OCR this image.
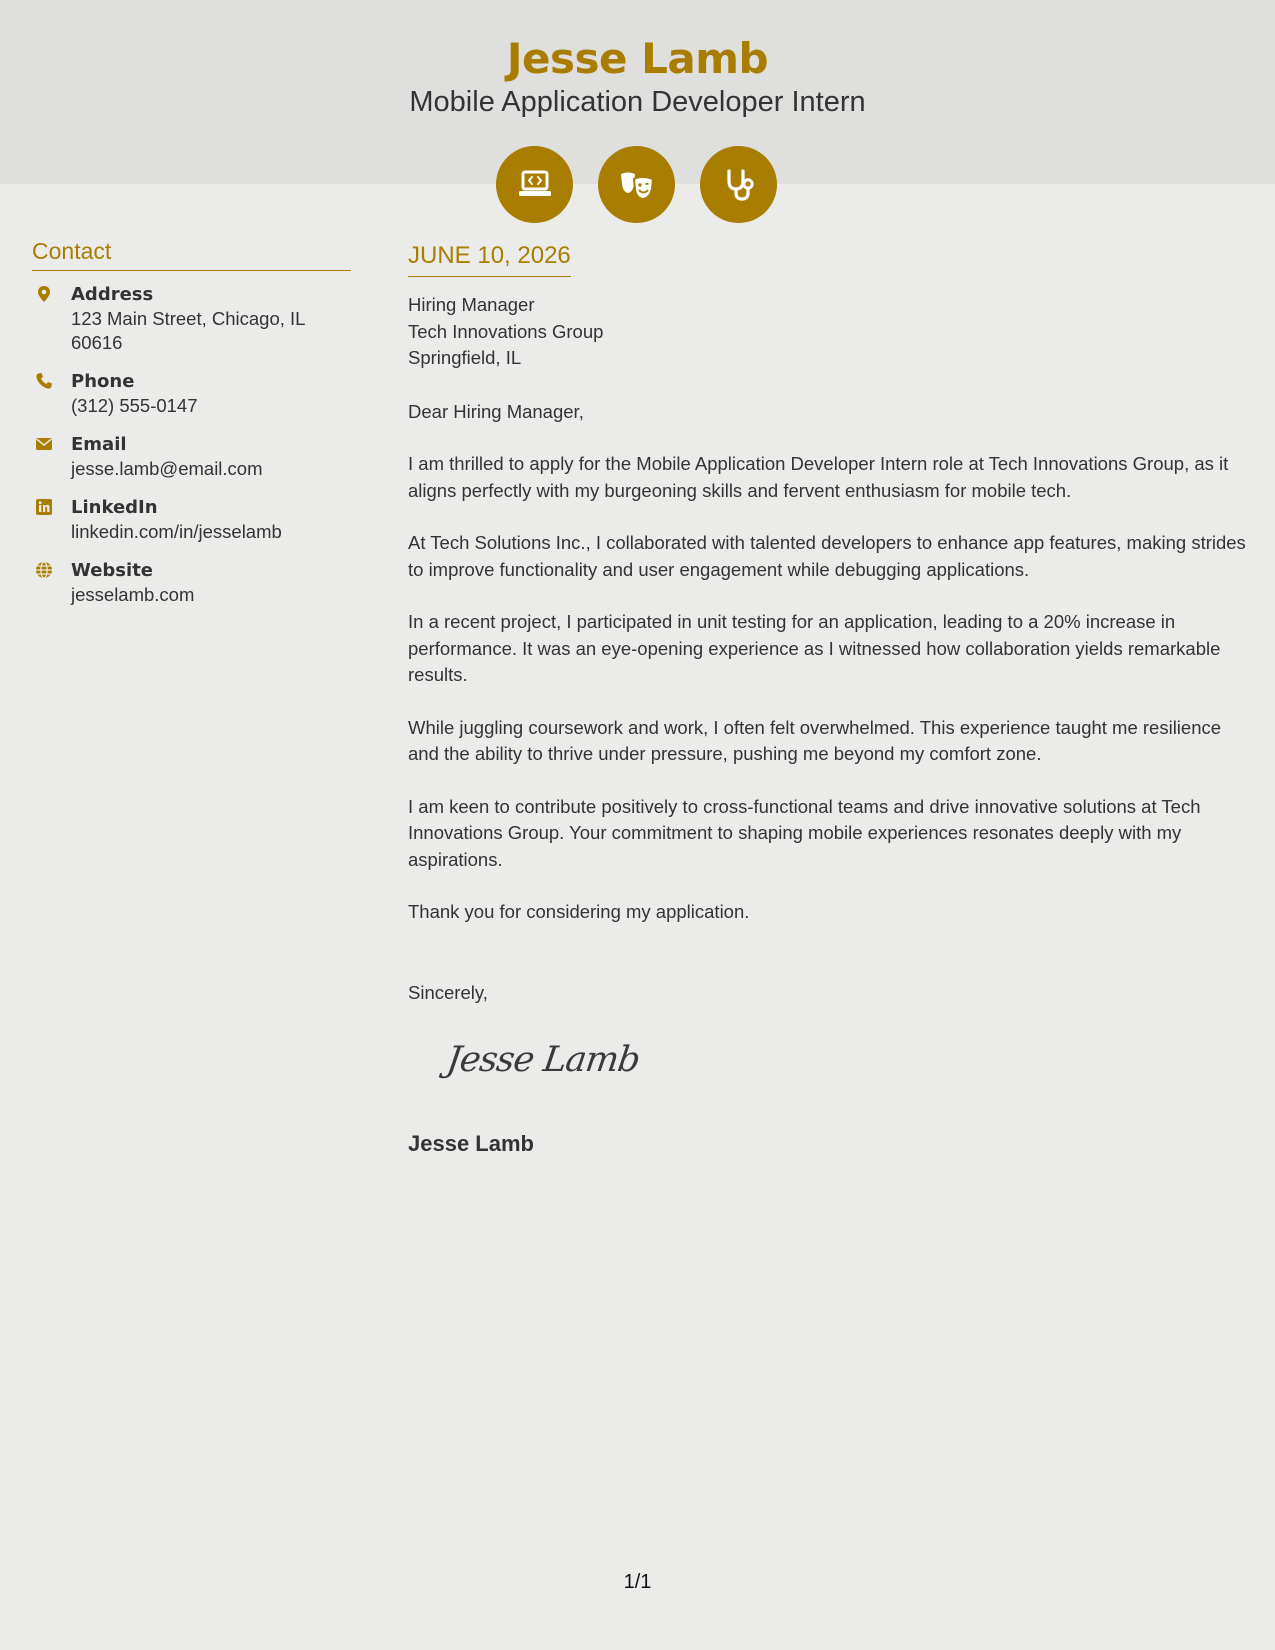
Jesse Lamb
Mobile Application Developer Intern
Contact
Address
123 Main Street, Chicago, IL 60616
Phone
(312) 555-0147
Email
jesse.lamb@email.com
LinkedIn
linkedin.com/in/jesselamb
Website
jesselamb.com
JUNE 10, 2026
Hiring Manager
Tech Innovations Group
Springfield, IL
Dear Hiring Manager,
I am thrilled to apply for the Mobile Application Developer Intern role at Tech Innovations Group, as it aligns perfectly with my burgeoning skills and fervent enthusiasm for mobile tech.
At Tech Solutions Inc., I collaborated with talented developers to enhance app features, making strides to improve functionality and user engagement while debugging applications.
In a recent project, I participated in unit testing for an application, leading to a 20% increase in performance. It was an eye-opening experience as I witnessed how collaboration yields remarkable results.
While juggling coursework and work, I often felt overwhelmed. This experience taught me resilience and the ability to thrive under pressure, pushing me beyond my comfort zone.
I am keen to contribute positively to cross-functional teams and drive innovative solutions at Tech Innovations Group. Your commitment to shaping mobile experiences resonates deeply with my aspirations.
Thank you for considering my application.
Sincerely,
Jesse Lamb
Jesse Lamb
1/1
